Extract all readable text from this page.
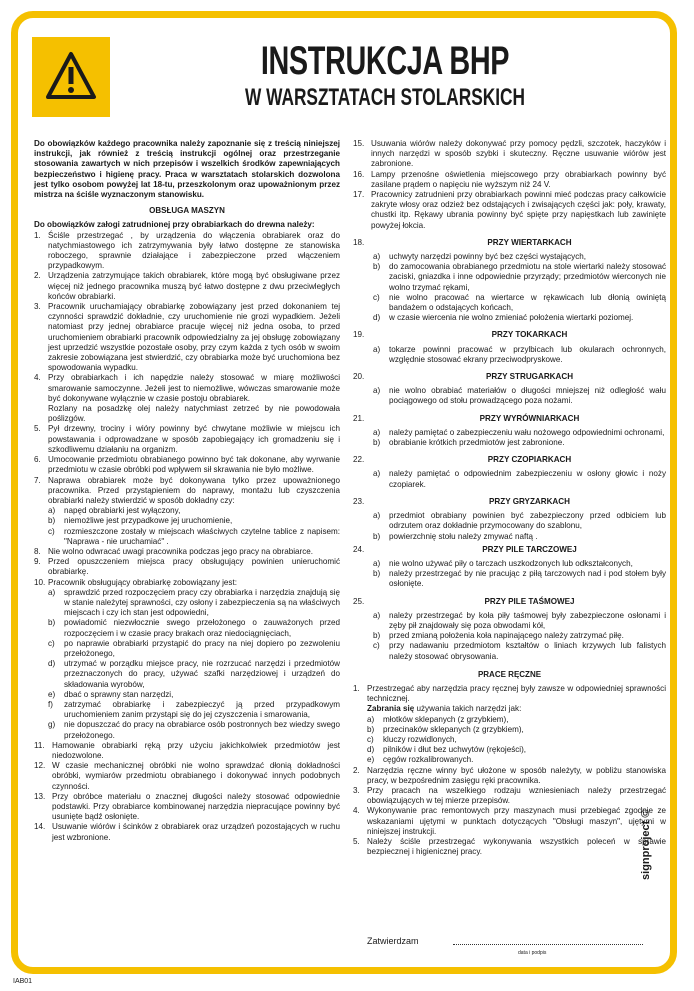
INSTRUKCJA BHP
W WARSZTATACH STOLARSKICH
Do obowiązków każdego pracownika należy zapoznanie się z treścią niniejszej instrukcji, jak również z treścią instrukcji ogólnej oraz przestrzeganie stosowania zawartych w nich przepisów i wszelkich środków zapewniających bezpieczeństwo i higienę pracy. Praca w warsztatach stolarskich dozwolona jest tylko osobom powyżej lat 18-tu, przeszkolonym oraz upoważnionym przez mistrza na ściśle wyznaczonym stanowisku.
OBSŁUGA MASZYN
Do obowiązków załogi zatrudnionej przy obrabiarkach do drewna należy:
1. Ściśle przestrzegać , by urządzenia do włączenia obrabiarek oraz do natychmiastowego ich zatrzymywania były łatwo dostępne ze stanowiska roboczego, sprawnie działające i zabezpieczone przed włączeniem przypadkowym.
2. Urządzenia zatrzymujące takich obrabiarek, które mogą być obsługiwane przez więcej niż jednego pracownika muszą być łatwo dostępne z dwu przeciwległych końców obrabiarki.
3. Pracownik uruchamiający obrabiarkę zobowiązany jest przed dokonaniem tej czynności sprawdzić dokładnie, czy uruchomienie nie grozi wypadkiem. Jeżeli natomiast przy jednej obrabiarce pracuje więcej niż jedna osoba, to przed uruchomieniem obrabiarki pracownik odpowiedzialny za jej obsługę zobowiązany jest uprzedzić wszystkie pozostałe osoby, przy czym każda z tych osób w swoim zakresie zobowiązana jest stwierdzić, czy obrabiarka może być uruchomiona bez spowodowania wypadku.
4. Przy obrabiarkach i ich napędzie należy stosować w miarę możliwości smarowanie samoczynne. Jeżeli jest to niemożliwe, wówczas smarowanie może być dokonywane wyłącznie w czasie postoju obrabiarek.
Rozlany na posadzkę olej należy natychmiast zetrzeć by nie powodowała poślizgów.
5. Pył drzewny, trociny i wióry powinny być chwytane możliwie w miejscu ich powstawania i odprowadzane w sposób zapobiegający ich gromadzeniu się i szkodliwemu działaniu na organizm.
6. Umocowanie przedmiotu obrabianego powinno być tak dokonane, aby wyrwanie przedmiotu w czasie obróbki pod wpływem sił skrawania nie było możliwe.
7. Naprawa obrabiarek może być dokonywana tylko przez upoważnionego pracownika. Przed przystąpieniem do naprawy, montażu lub czyszczenia obrabiarki należy stwierdzić w sposób dokładny czy:
a)	napęd obrabiarki jest wyłączony,
b)	niemożliwe jest przypadkowe jej uruchomienie,
c)	rozmieszczone zostały w miejscach właściwych czytelne tablice z napisem: "Naprawa - nie uruchamiać" .
8. Nie wolno odwracać uwagi pracownika podczas jego pracy na obrabiarce.
9. Przed opuszczeniem miejsca pracy obsługujący powinien unieruchomić obrabiarkę.
10. Pracownik obsługujący obrabiarkę zobowiązany jest:
a)	sprawdzić przed rozpoczęciem pracy czy obrabiarka i narzędzia znajdują się w stanie należytej sprawności, czy osłony i zabezpieczenia są na właściwych miejscach i czy ich stan jest odpowiedni,
b)	powiadomić niezwłocznie swego przełożonego o zauważonych przed rozpoczęciem i w czasie pracy brakach oraz niedociągnięciach,
c)	po naprawie obrabiarki przystąpić do pracy na niej dopiero po zezwoleniu przełożonego,
d)	utrzymać w porządku miejsce pracy, nie rozrzucać narzędzi i przedmiotów przeznaczonych do pracy, używać szafki narzędziowej i urządzeń do składowania wyrobów,
e)	dbać o sprawny stan narzędzi,
f)	zatrzymać obrabiarkę i zabezpieczyć ją przed przypadkowym uruchomieniem zanim przystąpi się do jej czyszczenia i smarowania,
g)	nie dopuszczać do pracy na obrabiarce osób postronnych bez wiedzy swego przełożonego.
11. Hamowanie obrabiarki ręką przy użyciu jakichkolwiek przedmiotów jest niedozwolone.
12. W czasie mechanicznej obróbki nie wolno sprawdzać dłonią dokładności obróbki, wymiarów przedmiotu obrabianego i dokonywać innych podobnych czynności.
13. Przy obróbce materiału o znacznej długości należy stosować odpowiednie podstawki. Przy obrabiarce kombinowanej narzędzia niepracujące powinny być usunięte bądź osłonięte.
14. Usuwanie wiórów i ścinków z obrabiarek oraz urządzeń pozostających w ruchu jest wzbronione.
15. Usuwania wiórów należy dokonywać przy pomocy pędzli, szczotek, haczyków i innych narzędzi w sposób szybki i skuteczny. Ręczne usuwanie wiórów jest zabronione.
16. Lampy przenośne oświetlenia miejscowego przy obrabiarkach powinny być zasilane prądem o napięciu nie wyższym niż 24 V.
17. Pracownicy zatrudnieni przy obrabiarkach powinni mieć podczas pracy całkowicie zakryte włosy oraz odzież bez odstających i zwisających części jak: poły, krawaty, chustki itp. Rękawy ubrania powinny być spięte przy napięstkach lub zawinięte powyżej łokcia.
18.	PRZY WIERTARKACH
a)	uchwyty narzędzi powinny być bez części wystających,
b)	do zamocowania obrabianego przedmiotu na stole wiertarki należy stosować zaciski, gniazdka i inne odpowiednie przyrządy; przedmiotów wierconych nie wolno trzymać rękami,
c)	nie wolno pracować na wiertarce w rękawicach lub dłonią owiniętą bandażem o odstających końcach,
d)	w czasie wiercenia nie wolno zmieniać położenia wiertarki poziomej.
19.	PRZY TOKARKACH
a)	tokarze powinni pracować w przylbicach lub okularach ochronnych, względnie stosować ekrany przeciwodpryskowe.
20.	PRZY STRUGARKACH
a)	nie wolno obrabiać materiałów o długości mniejszej niż odległość wału pociągowego od stołu prowadzącego poza nożami.
21.	PRZY WYRÓWNIARKACH
a)	należy pamiętać o zabezpieczeniu wału nożowego odpowiednimi ochronami,
b)	obrabianie krótkich przedmiotów jest zabronione.
22.	PRZY CZOPIARKACH
a)	należy pamiętać o odpowiednim zabezpieczeniu w osłony głowic i noży czopiarek.
23.	PRZY GRYZARKACH
a)	przedmiot obrabiany powinien być zabezpieczony przed odbiciem lub odrzutem oraz dokładnie przymocowany do szablonu,
b)	powierzchnię stołu należy zmywać naftą .
24.	PRZY PILE TARCZOWEJ
a)	nie wolno używać piły o tarczach uszkodzonych lub odkształconych,
b)	należy przestrzegać by nie pracując z piłą tarczowych nad i pod stołem były osłonięte.
25.	PRZY PILE TAŚMOWEJ
a)	należy przestrzegać by koła piły taśmowej były zabezpieczone osłonami i zęby pił znajdowały się poza obwodami kół,
b)	przed zmianą położenia koła napinającego należy zatrzymać piłę.
c)	przy nadawaniu przedmiotom kształtów o liniach krzywych lub falistych należy stosować obrysowania.
PRACE RĘCZNE
1. Przestrzegać aby narzędzia pracy ręcznej były zawsze w odpowiedniej sprawności technicznej.
Zabrania się używania takich narzędzi jak:
a)	młotków sklepanych (z grzybkiem),
b)	przecinaków sklepanych (z grzybkiem),
c)	kluczy rozwidlonych,
d)	pilników i dłut bez uchwytów (rękojeści),
e)	cęgów rozkalibrowanych.
2. Narzędzia ręczne winny być ułożone w sposób należyty, w pobliżu stanowiska pracy, w bezpośrednim zasięgu ręki pracownika.
3. Przy pracach na wszelkiego rodzaju wzniesieniach należy przestrzegać obowiązujących w tej mierze przepisów.
4. Wykonywanie prac remontowych przy maszynach musi przebiegać zgodnie ze wskazaniami ujętymi w punktach dotyczących "Obsługi maszyn", ujętymi w niniejszej instrukcji.
5. Należy ściśle przestrzegać wykonywania wszystkich poleceń w sprawie bezpiecznej i higienicznej pracy.
Zatwierdzam
data i podpis
signproject ©
IAB01
